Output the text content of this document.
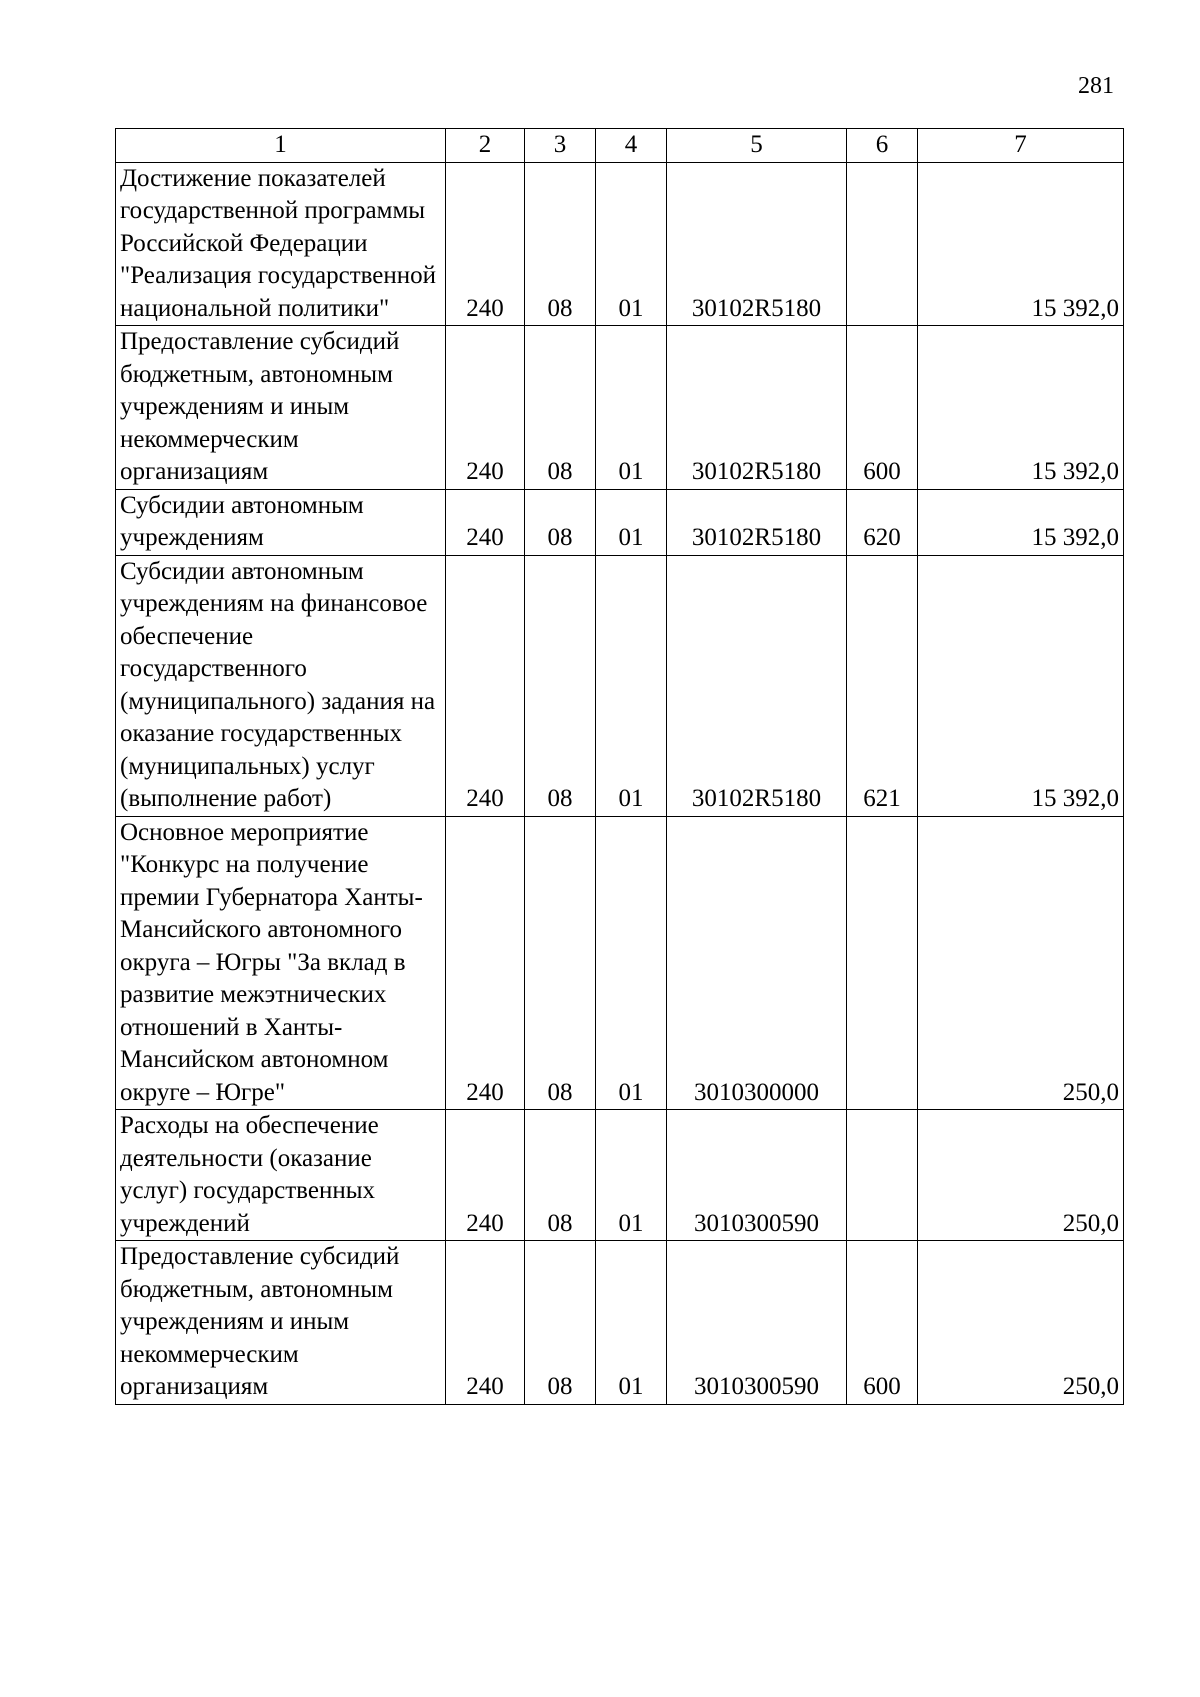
281
1	2	3	4	5	6	7
Достижение показателей государственной программы Российской Федерации "Реализация государственной национальной политики"	240	08	01	30102R5180		15 392,0
Предоставление субсидий бюджетным, автономным учреждениям и иным некоммерческим организациям	240	08	01	30102R5180	600	15 392,0
Субсидии автономным учреждениям	240	08	01	30102R5180	620	15 392,0
Субсидии автономным учреждениям на финансовое обеспечение государственного (муниципального) задания на оказание государственных (муниципальных) услуг (выполнение работ)	240	08	01	30102R5180	621	15 392,0
Основное мероприятие "Конкурс на получение премии Губернатора Ханты-Мансийского автономного округа – Югры "За вклад в развитие межэтнических отношений в Ханты-Мансийском автономном округе – Югре"	240	08	01	3010300000		250,0
Расходы на обеспечение деятельности (оказание услуг) государственных учреждений	240	08	01	3010300590		250,0
Предоставление субсидий бюджетным, автономным учреждениям и иным некоммерческим организациям	240	08	01	3010300590	600	250,0
